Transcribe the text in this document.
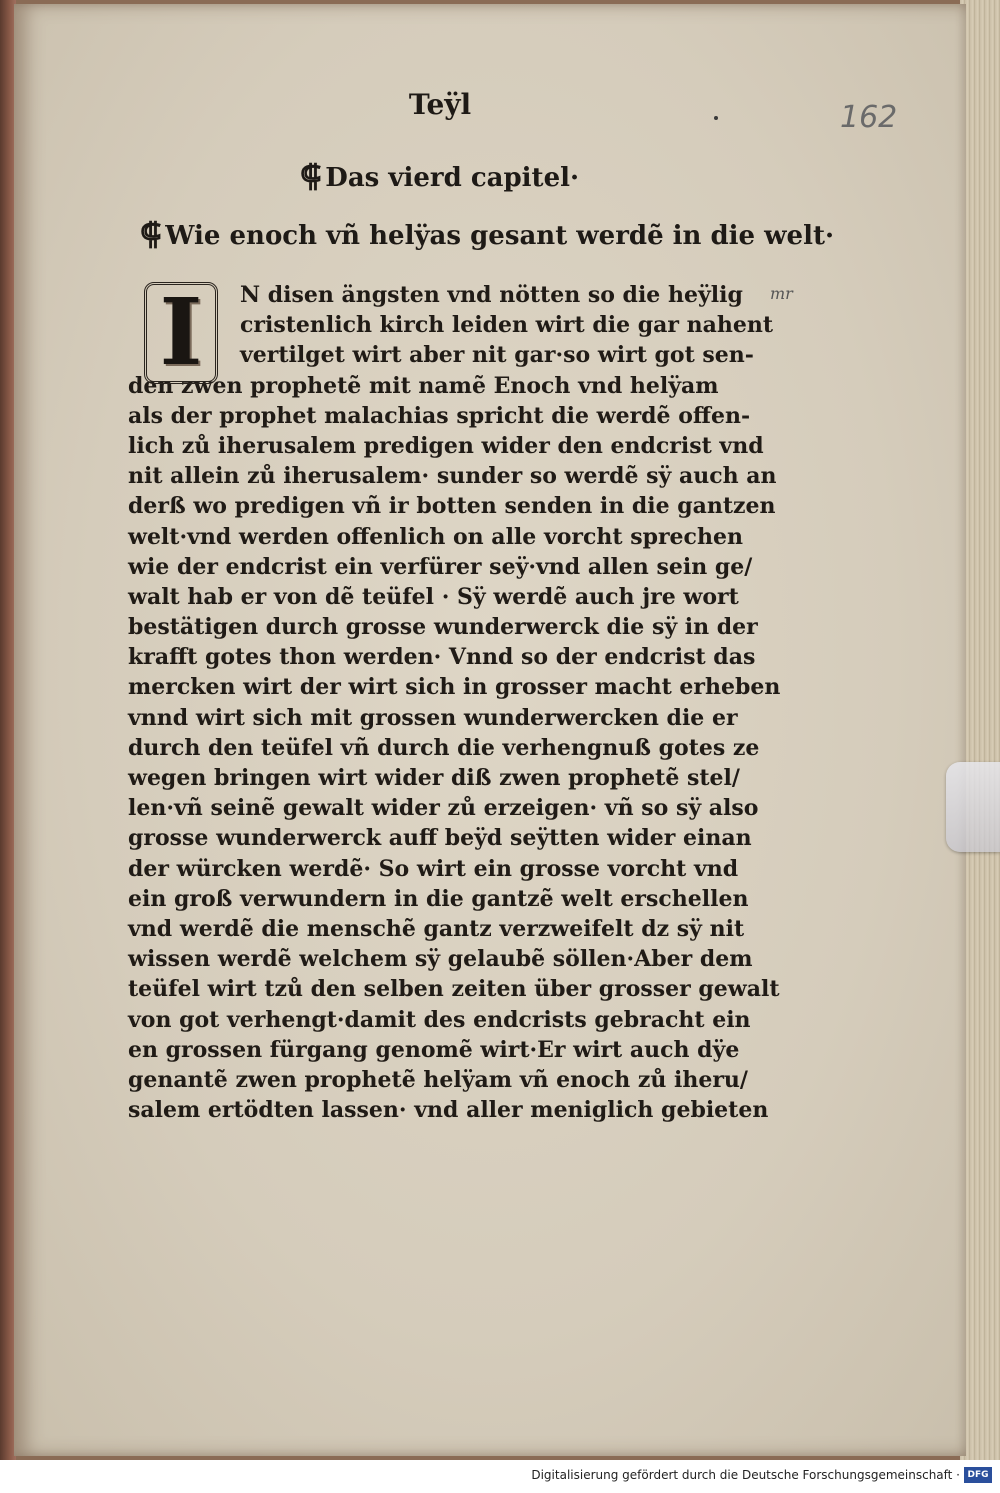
Teÿl	162
⸿ Das vierd capitel·
⸿ Wie enoch vñ helÿas gesant werdẽ in die welt·
mr
N disen ängsten vnd nötten so die heÿlig
cristenlich kirch leiden wirt die gar nahent
vertilget wirt aber nit gar·so wirt got sen-
den zwen prophetẽ mit namẽ Enoch vnd helÿam
als der prophet malachias spricht die werdẽ offen-
lich zů iherusalem predigen wider den endcrist vnd
nit allein zů iherusalem· sunder so werdẽ sÿ auch an
derß wo predigen vñ ir botten senden in die gantzen
welt·vnd werden offenlich on alle vorcht sprechen
wie der endcrist ein verfürer seÿ·vnd allen sein ge/
walt hab er von dẽ teüfel · Sÿ werdẽ auch jre wort
bestätigen durch grosse wunderwerck die sÿ in der
krafft gotes thon werden· Vnnd so der endcrist das
mercken wirt der wirt sich in grosser macht erheben
vnnd wirt sich mit grossen wunderwercken die er
durch den teüfel vñ durch die verhengnuß gotes ze
wegen bringen wirt wider diß zwen prophetẽ stel/
len·vñ seinẽ gewalt wider zů erzeigen· vñ so sÿ also
grosse wunderwerck auff beÿd seÿtten wider einan
der würcken werdẽ· So wirt ein grosse vorcht vnd
ein groß verwundern in die gantzẽ welt erschellen
vnd werdẽ die menschẽ gantz verzweifelt dz sÿ nit
wissen werdẽ welchem sÿ gelaubẽ söllen·Aber dem
teüfel wirt tzů den selben zeiten über grosser gewalt
von got verhengt·damit des endcrists gebracht ein
en grossen fürgang genomẽ wirt·Er wirt auch dÿe
genantẽ zwen prophetẽ helÿam vñ enoch zů iheru/
salem ertödten lassen· vnd aller meniglich gebieten
I
Digitalisierung gefördert durch die Deutsche Forschungsgemeinschaft · DFG
